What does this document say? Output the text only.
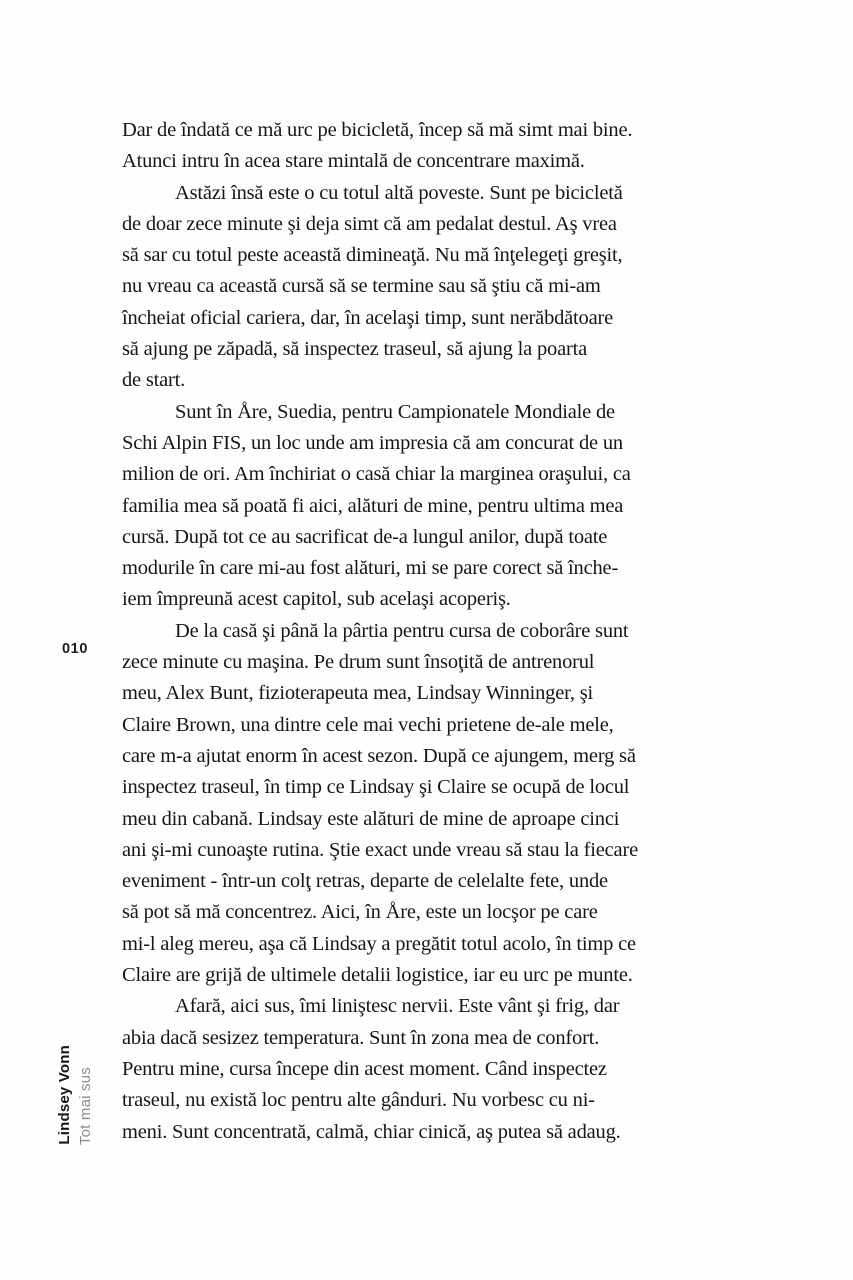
010
Lindsey Vonn Tot mai sus
Dar de îndată ce mă urc pe bicicletă, încep să mă simt mai bine.
Atunci intru în acea stare mintală de concentrare maximă.
Astăzi însă este o cu totul altă poveste. Sunt pe bicicletă
de doar zece minute şi deja simt că am pedalat destul. Aş vrea
să sar cu totul peste această dimineaţă. Nu mă înţelegeţi greşit,
nu vreau ca această cursă să se termine sau să ştiu că mi-am
încheiat oficial cariera, dar, în acelaşi timp, sunt nerăbdătoare
să ajung pe zăpadă, să inspectez traseul, să ajung la poarta
de start.
Sunt în Åre, Suedia, pentru Campionatele Mondiale de
Schi Alpin FIS, un loc unde am impresia că am concurat de un
milion de ori. Am închiriat o casă chiar la marginea oraşului, ca
familia mea să poată fi aici, alături de mine, pentru ultima mea
cursă. După tot ce au sacrificat de-a lungul anilor, după toate
modurile în care mi-au fost alături, mi se pare corect să înche-
iem împreună acest capitol, sub acelaşi acoperiş.
De la casă şi până la pârtia pentru cursa de coborâre sunt
zece minute cu maşina. Pe drum sunt însoţită de antrenorul
meu, Alex Bunt, fizioterapeuta mea, Lindsay Winninger, şi
Claire Brown, una dintre cele mai vechi prietene de-ale mele,
care m-a ajutat enorm în acest sezon. După ce ajungem, merg să
inspectez traseul, în timp ce Lindsay şi Claire se ocupă de locul
meu din cabană. Lindsay este alături de mine de aproape cinci
ani şi-mi cunoaşte rutina. Ştie exact unde vreau să stau la fiecare
eveniment - într-un colţ retras, departe de celelalte fete, unde
să pot să mă concentrez. Aici, în Åre, este un locşor pe care
mi-l aleg mereu, aşa că Lindsay a pregătit totul acolo, în timp ce
Claire are grijă de ultimele detalii logistice, iar eu urc pe munte.
Afară, aici sus, îmi liniştesc nervii. Este vânt şi frig, dar
abia dacă sesizez temperatura. Sunt în zona mea de confort.
Pentru mine, cursa începe din acest moment. Când inspectez
traseul, nu există loc pentru alte gânduri. Nu vorbesc cu ni-
meni. Sunt concentrată, calmă, chiar cinică, aş putea să adaug.
